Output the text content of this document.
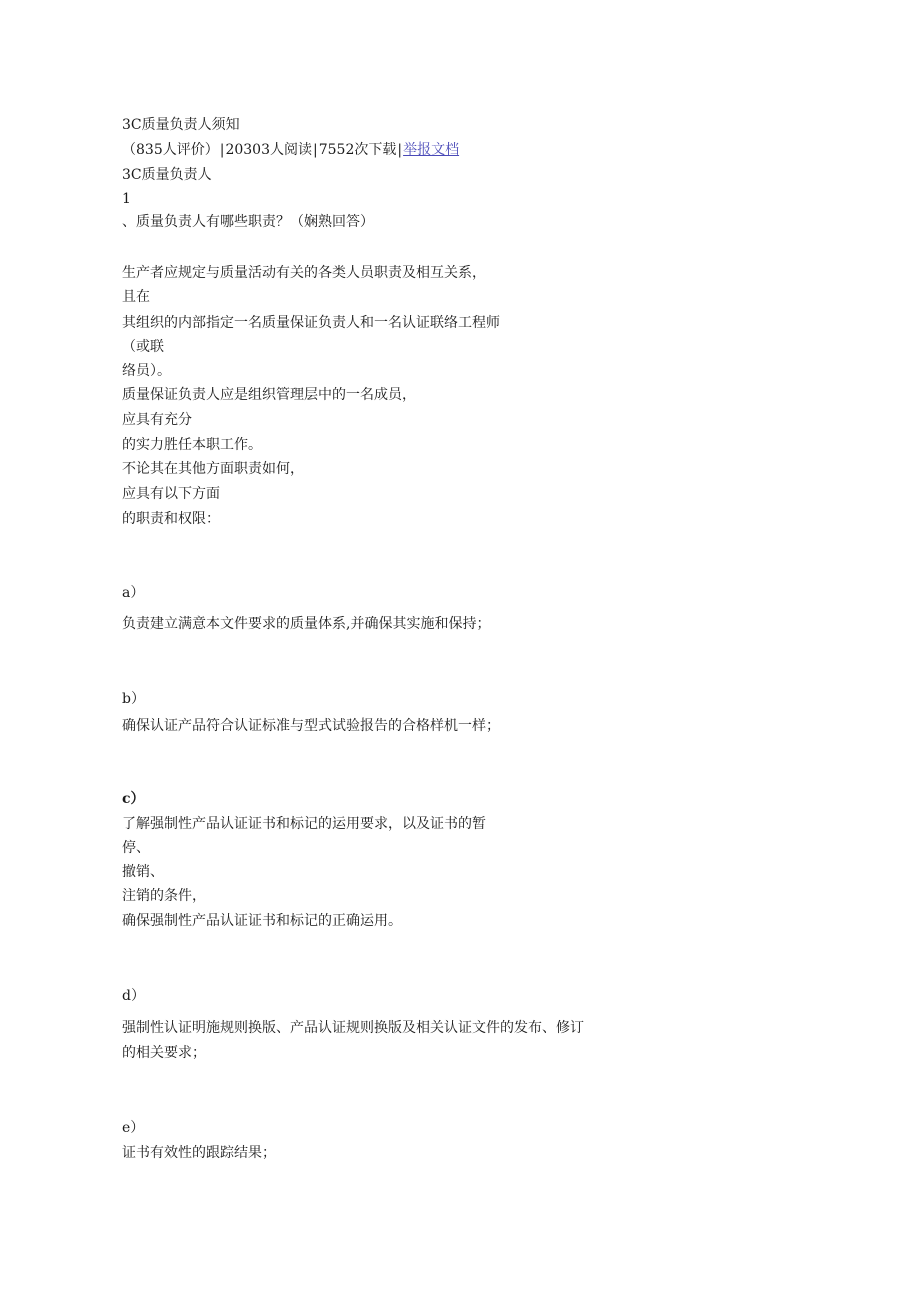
3C质量负责人须知
（835人评价）|20303人阅读|7552次下载|举报文档
3C质量负责人
1
、质量负责人有哪些职责？（娴熟回答）
生产者应规定与质量活动有关的各类人员职责及相互关系，
且在
其组织的内部指定一名质量保证负责人和一名认证联络工程师
（或联
络员）。
质量保证负责人应是组织管理层中的一名成员，
应具有充分
的实力胜任本职工作。
不论其在其他方面职责如何，
应具有以下方面
的职责和权限：
a）
负责建立满意本文件要求的质量体系,并确保其实施和保持；
b）
确保认证产品符合认证标准与型式试验报告的合格样机一样；
c）
了解强制性产品认证证书和标记的运用要求，以及证书的暂
停、
撤销、
注销的条件，
确保强制性产品认证证书和标记的正确运用。
d）
强制性认证明施规则换版、产品认证规则换版及相关认证文件的发布、修订
的相关要求；
e）
证书有效性的跟踪结果；
